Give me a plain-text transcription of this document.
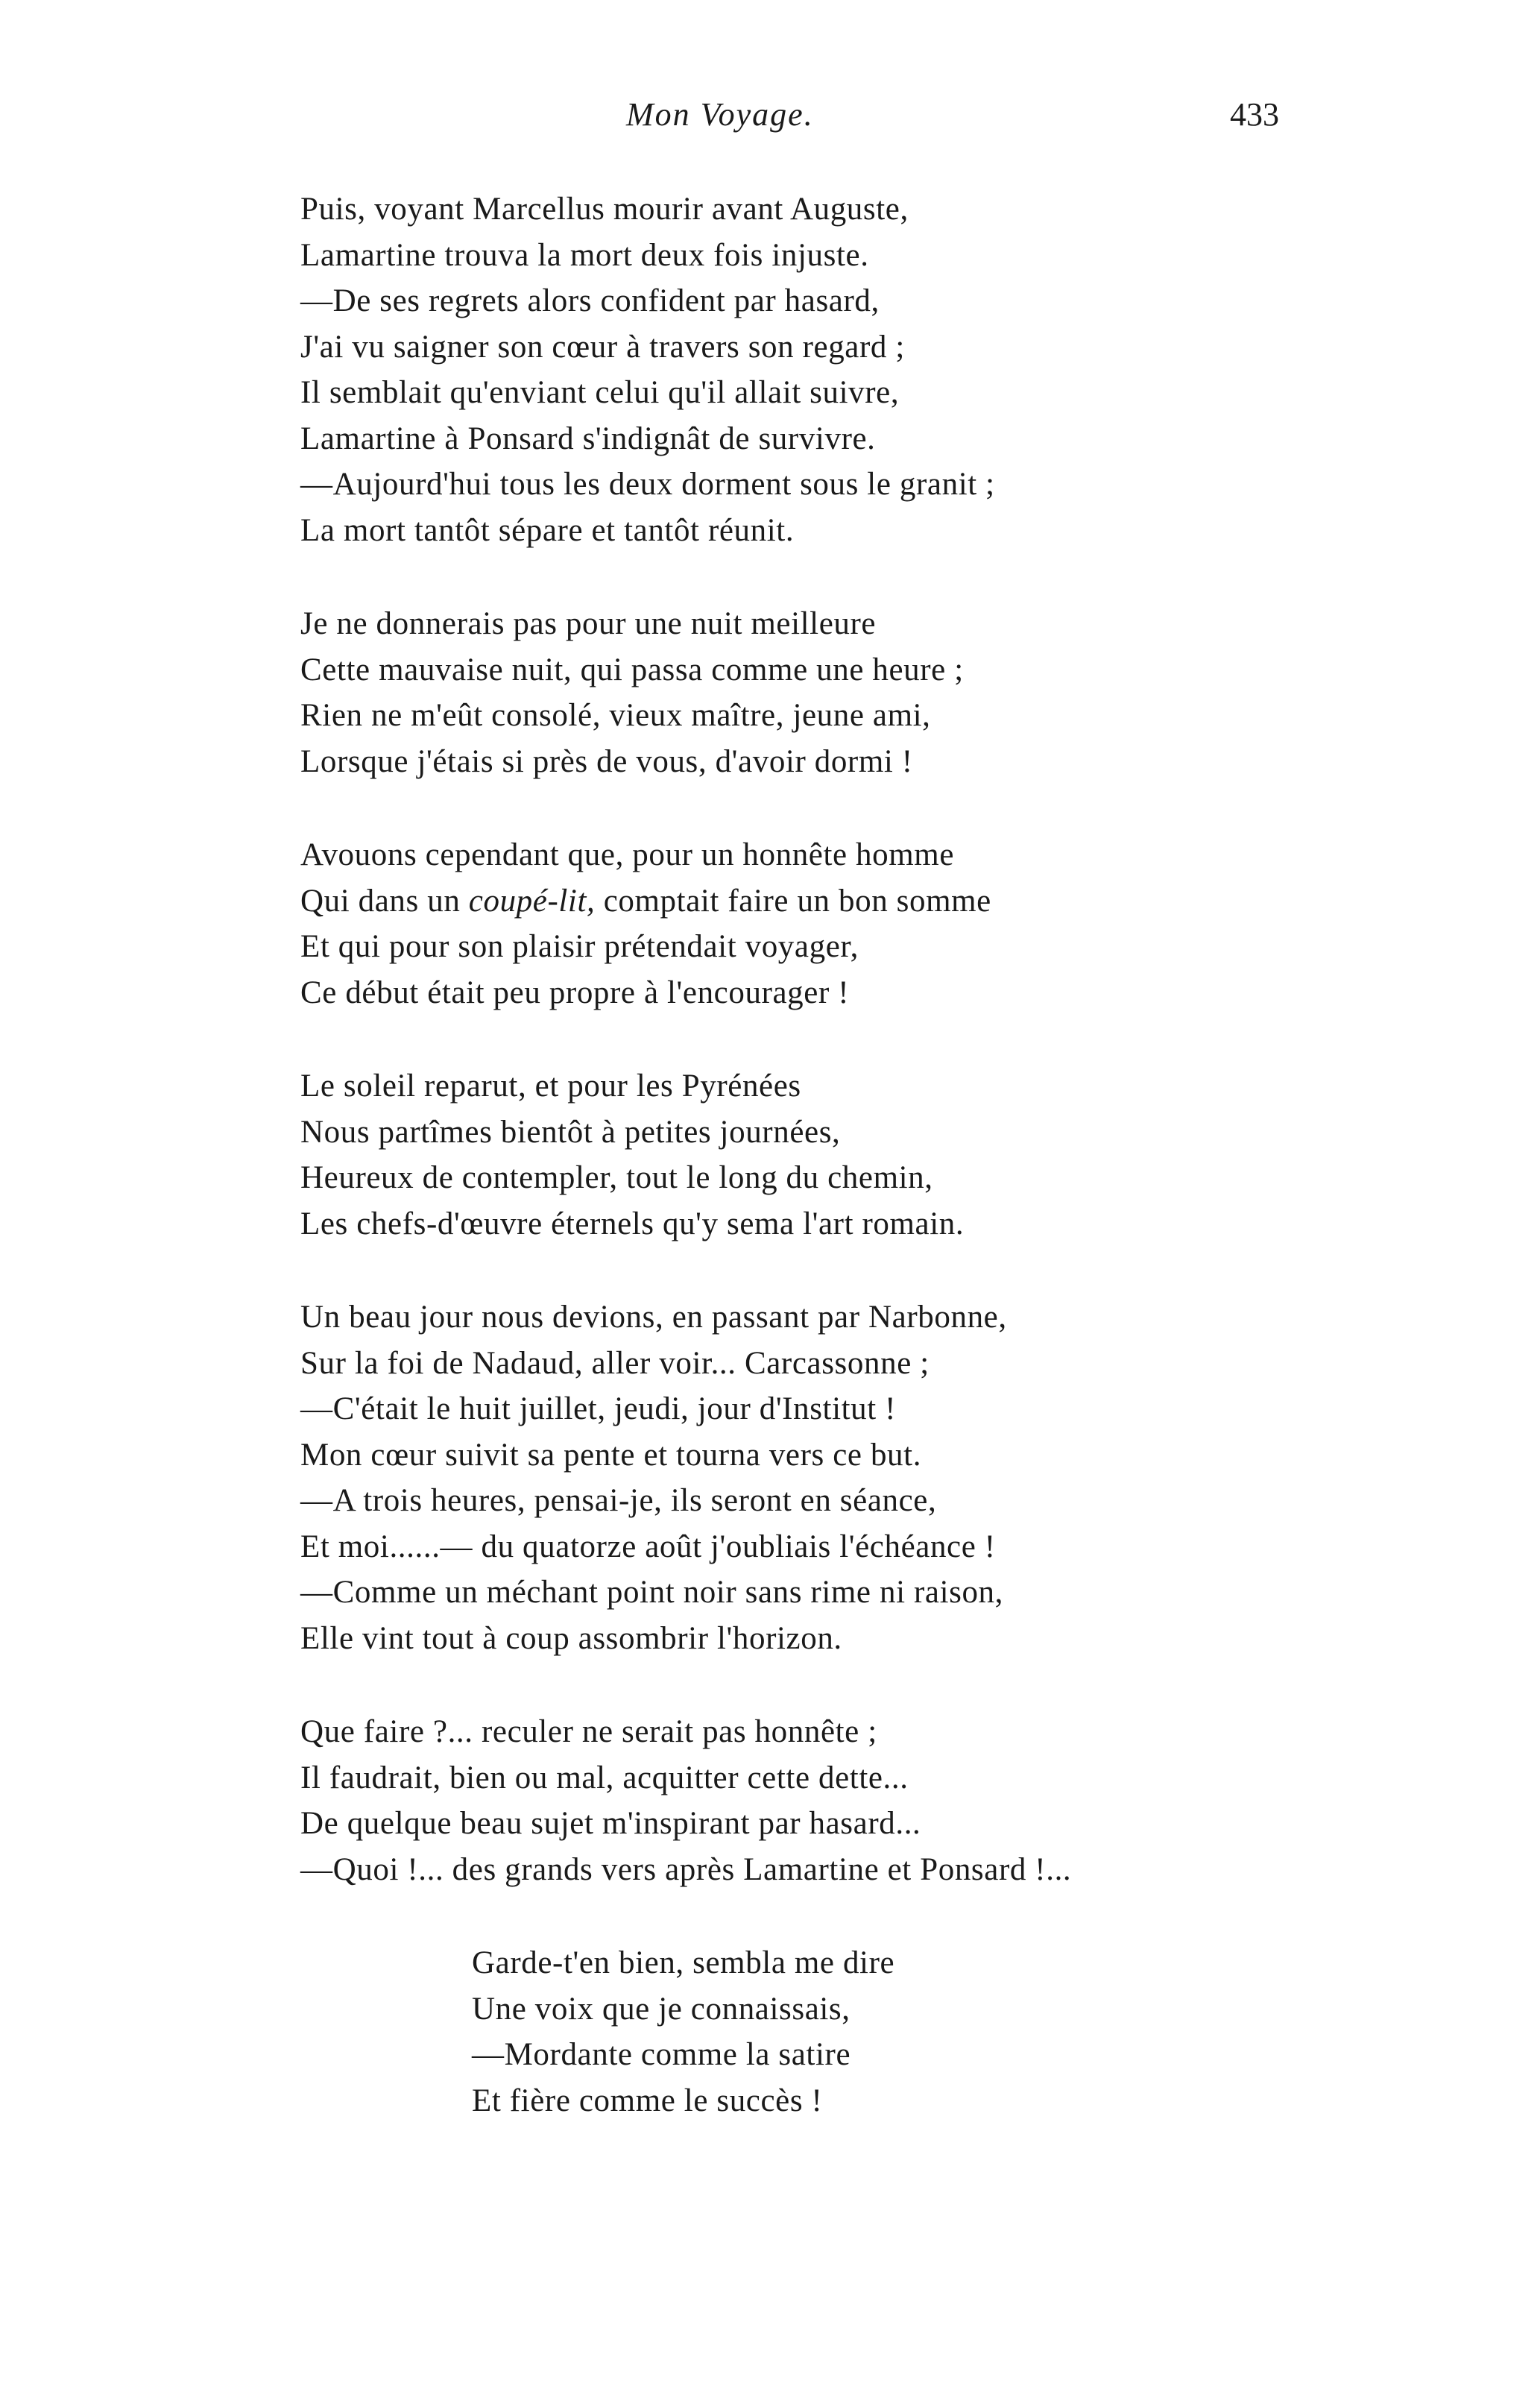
Mon Voyage.	433
Puis, voyant Marcellus mourir avant Auguste,
Lamartine trouva la mort deux fois injuste.
—De ses regrets alors confident par hasard,
J'ai vu saigner son cœur à travers son regard ;
Il semblait qu'enviant celui qu'il allait suivre,
Lamartine à Ponsard s'indignât de survivre.
—Aujourd'hui tous les deux dorment sous le granit ;
La mort tantôt sépare et tantôt réunit.
Je ne donnerais pas pour une nuit meilleure
Cette mauvaise nuit, qui passa comme une heure ;
Rien ne m'eût consolé, vieux maître, jeune ami,
Lorsque j'étais si près de vous, d'avoir dormi !
Avouons cependant que, pour un honnête homme
Qui dans un coupé-lit, comptait faire un bon somme
Et qui pour son plaisir prétendait voyager,
Ce début était peu propre à l'encourager !
Le soleil reparut, et pour les Pyrénées
Nous partîmes bientôt à petites journées,
Heureux de contempler, tout le long du chemin,
Les chefs-d'œuvre éternels qu'y sema l'art romain.
Un beau jour nous devions, en passant par Narbonne,
Sur la foi de Nadaud, aller voir... Carcassonne ;
—C'était le huit juillet, jeudi, jour d'Institut !
Mon cœur suivit sa pente et tourna vers ce but.
—A trois heures, pensai-je, ils seront en séance,
Et moi......— du quatorze août j'oubliais l'échéance !
—Comme un méchant point noir sans rime ni raison,
Elle vint tout à coup assombrir l'horizon.
Que faire ?... reculer ne serait pas honnête ;
Il faudrait, bien ou mal, acquitter cette dette...
De quelque beau sujet m'inspirant par hasard...
—Quoi !... des grands vers après Lamartine et Ponsard !...
Garde-t'en bien, sembla me dire
Une voix que je connaissais,
—Mordante comme la satire
Et fière comme le succès !
